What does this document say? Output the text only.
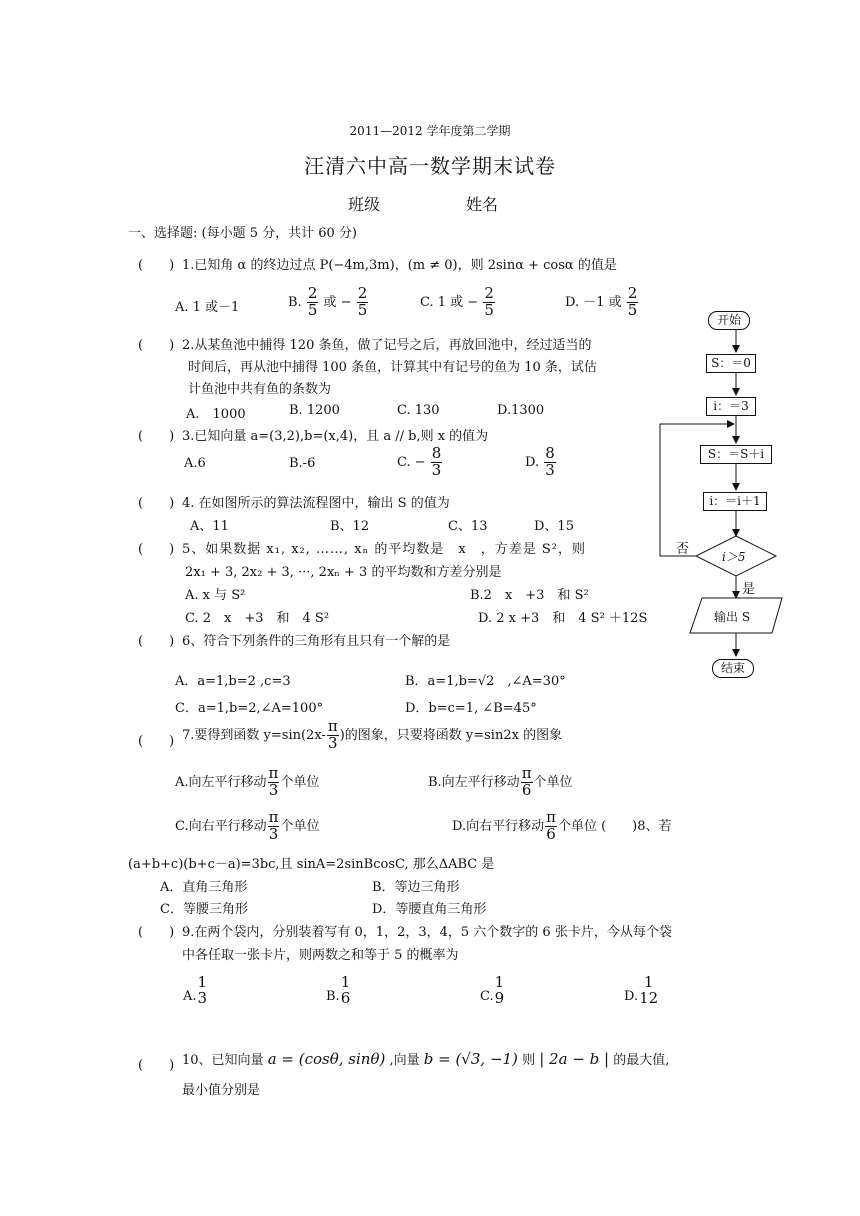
2011—2012 学年度第二学期
汪清六中高一数学期末试卷
班级	姓名
一、选择题: (每小题 5 分，共计 60 分)
(　　) 1.已知角 α 的终边过点 P(−4m,3m)，(m ≠ 0)，则 2sinα + cosα 的值是
A. 1 或－1	B. $\frac{2}{5}$ 或 − $\frac{2}{5}$	C. 1 或 − $\frac{2}{5}$	D. －1 或 $\frac{2}{5}$
(　　) 2.从某鱼池中捕得 120 条鱼，做了记号之后，再放回池中，经过适当的
时间后，再从池中捕得 100 条鱼，计算其中有记号的鱼为 10 条，试估
计鱼池中共有鱼的条数为
A.　1000	B. 1200	C. 130	D.1300
(　　) 3.已知向量 a=(3,2),b=(x,4)，且 a // b,则 x 的值为
A.6	B.-6	C. − $\frac{8}{3}$	D. $\frac{8}{3}$
(　　) 4. 在如图所示的算法流程图中，输出 S 的值为
A、11	B、12	C、13	D、15
(　　) 5、如果数据 x₁, x₂, ……, xₙ 的平均数是　x　，方差是 S²，则
2x₁ + 3, 2x₂ + 3, ···, 2xₙ + 3 的平均数和方差分别是
A. x 与 S²	B.2　x　+3　和 S²
C. 2　x　+3　和　4 S²	D. 2 x +3　和　4 S² ＋12S
(　　) 6、符合下列条件的三角形有且只有一个解的是
A．a=1,b=2 ,c=3	B．a=1,b=√2　,∠A=30°
C．a=1,b=2,∠A=100°	D．b=c=1, ∠B=45°
(　　) 7.要得到函数 $y=\sin(2x- \frac{\pi}{3}$ )的图象，只要将函数 y=sin2x 的图象
A.向左平行移动 $\frac{\pi}{3}$ 个单位	B.向左平行移动 $\frac{\pi}{6}$ 个单位
C.向右平行移动 $\frac{\pi}{3}$ 个单位	D.向右平行移动 $\frac{\pi}{6}$ 个单位 (　　)8、若
(a+b+c)(b+c－a)=3bc,且 sinA=2sinBcosC, 那么ΔABC 是
A．直角三角形	B．等边三角形
C．等腰三角形	D．等腰直角三角形
(　　) 9.在两个袋内，分别装着写有 0，1，2，3，4，5 六个数字的 6 张卡片，今从每个袋
中各任取一张卡片，则两数之和等于 5 的概率为
A.
1
3	B.
1
6	C.
1
9	D.
1
12
(　　) 10、已知向量 a = (cosθ, sinθ) ,向量 b = (√3, −1) 则 | 2a − b | 的最大值,
最小值分别是
开始
S：＝0
i：＝3
S：＝S＋i
i：＝i＋1
i＞5
否
是
输出 S
结束
